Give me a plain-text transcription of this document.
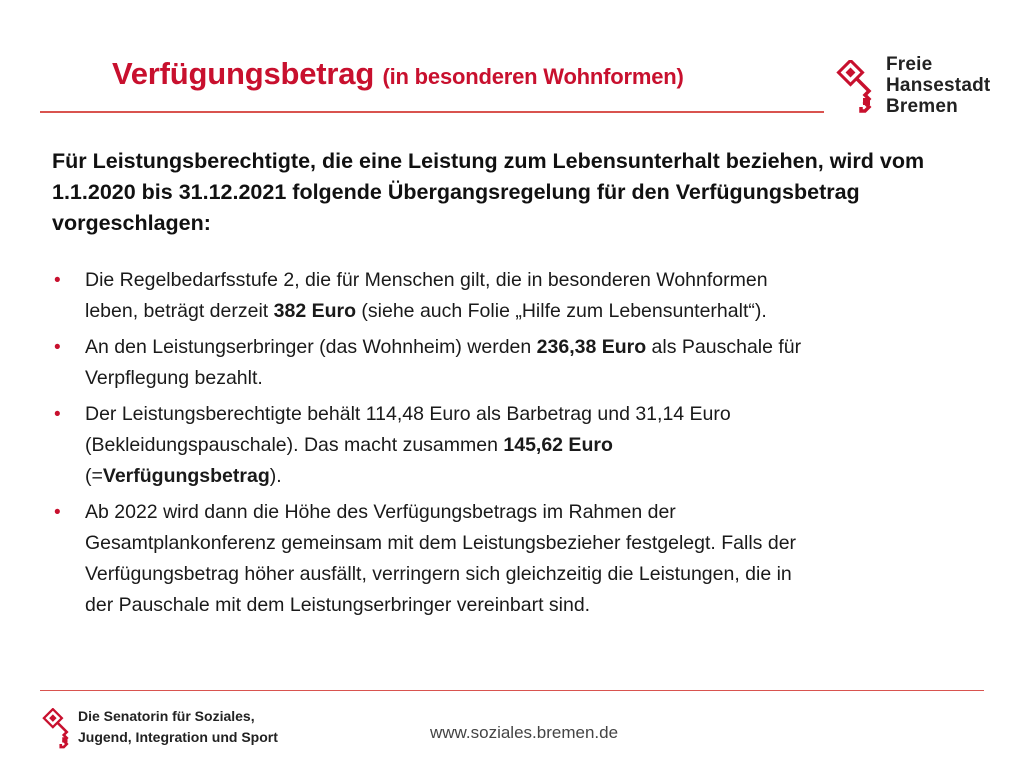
Verfügungsbetrag (in besonderen Wohnformen)	Freie
Hansestadt
Bremen
Für Leistungsberechtigte, die eine Leistung zum Lebensunterhalt beziehen, wird vom 1.1.2020 bis 31.12.2021 folgende Übergangsregelung für den Verfügungsbetrag vorgeschlagen:
• Die Regelbedarfsstufe 2, die für Menschen gilt, die in besonderen Wohnformen leben, beträgt derzeit 382 Euro (siehe auch Folie „Hilfe zum Lebensunterhalt“).
• An den Leistungserbringer (das Wohnheim) werden 236,38 Euro als Pauschale für Verpflegung bezahlt.
• Der Leistungsberechtigte behält 114,48 Euro als Barbetrag und 31,14 Euro (Bekleidungspauschale). Das macht zusammen 145,62 Euro (=Verfügungsbetrag).
• Ab 2022 wird dann die Höhe des Verfügungsbetrags im Rahmen der Gesamtplankonferenz gemeinsam mit dem Leistungsbezieher festgelegt. Falls der Verfügungsbetrag höher ausfällt, verringern sich gleichzeitig die Leistungen, die in der Pauschale mit dem Leistungserbringer vereinbart sind.
Die Senatorin für Soziales,
Jugend, Integration und Sport	www.soziales.bremen.de
